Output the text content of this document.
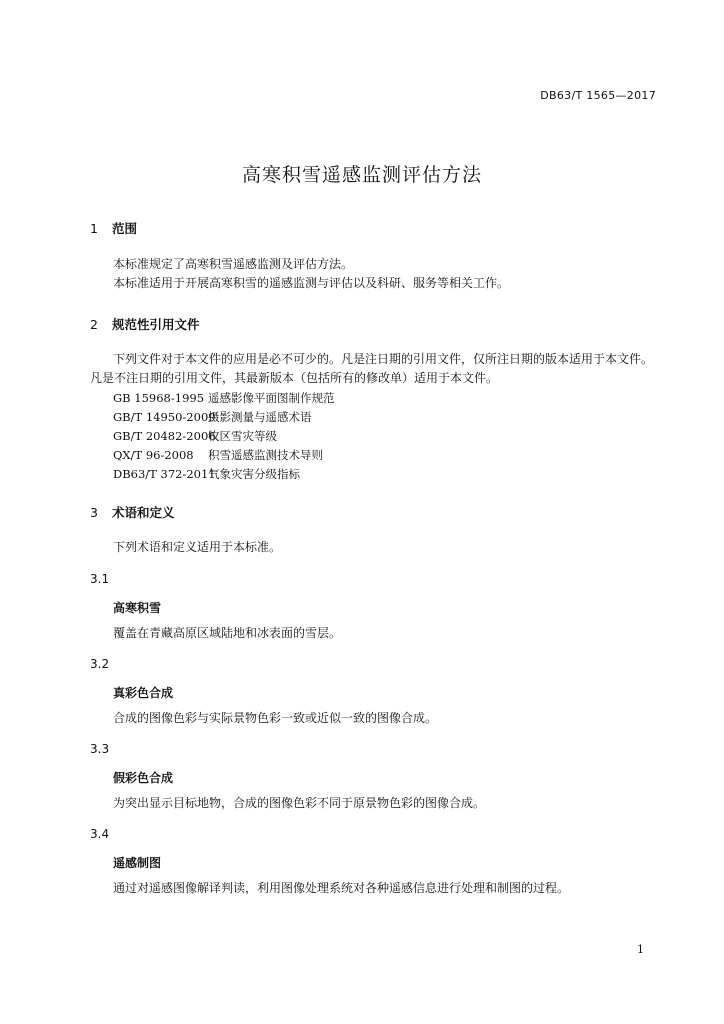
DB63/T 1565—2017
高寒积雪遥感监测评估方法
1 范围
本标准规定了高寒积雪遥感监测及评估方法。
本标准适用于开展高寒积雪的遥感监测与评估以及科研、服务等相关工作。
2 规范性引用文件
下列文件对于本文件的应用是必不可少的。凡是注日期的引用文件，仅所注日期的版本适用于本文件。凡是不注日期的引用文件，其最新版本（包括所有的修改单）适用于本文件。
GB 15968-1995 遥感影像平面图制作规范
GB/T 14950-2009摄影测量与遥感术语
GB/T 20482-2006牧区雪灾等级
QX/T 96-2008 积雪遥感监测技术导则
DB63/T 372-2011气象灾害分级指标
3 术语和定义
下列术语和定义适用于本标准。
3.1
高寒积雪
覆盖在青藏高原区域陆地和冰表面的雪层。
3.2
真彩色合成
合成的图像色彩与实际景物色彩一致或近似一致的图像合成。
3.3
假彩色合成
为突出显示目标地物，合成的图像色彩不同于原景物色彩的图像合成。
3.4
遥感制图
通过对遥感图像解译判读，利用图像处理系统对各种遥感信息进行处理和制图的过程。
1
